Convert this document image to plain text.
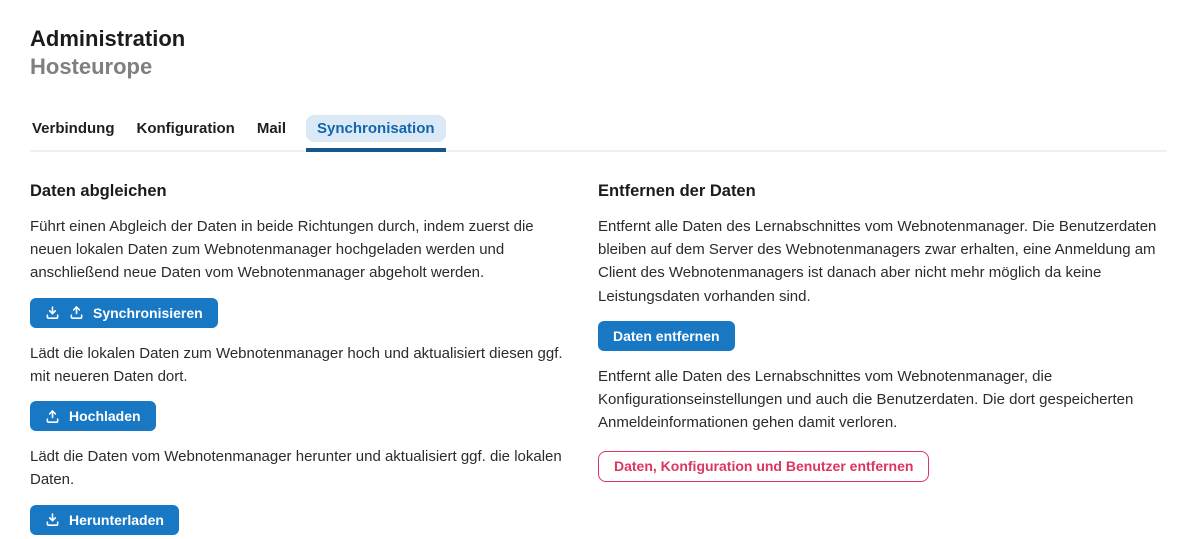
Administration
Hosteurope
Verbindung Konfiguration Mail	Synchronisation
Daten abgleichen

Führt einen Abgleich der Daten in beide Richtungen durch, indem zuerst die neuen lokalen Daten zum Webnotenmanager hochgeladen werden und anschließend neue Daten vom Webnotenmanager abgeholt werden.

Synchronisieren

Lädt die lokalen Daten zum Webnotenmanager hoch und aktualisiert diesen ggf. mit neueren Daten dort.

Hochladen

Lädt die Daten vom Webnotenmanager herunter und aktualisiert ggf. die lokalen Daten.

Herunterladen
Entfernen der Daten

Entfernt alle Daten des Lernabschnittes vom Webnotenmanager. Die Benutzerdaten bleiben auf dem Server des Webnotenmanagers zwar erhalten, eine Anmeldung am Client des Webnotenmanagers ist danach aber nicht mehr möglich da keine Leistungsdaten vorhanden sind.

Daten entfernen

Entfernt alle Daten des Lernabschnittes vom Webnotenmanager, die Konfigurationseinstellungen und auch die Benutzerdaten. Die dort gespeicherten Anmeldeinformationen gehen damit verloren.

Daten, Konfiguration und Benutzer entfernen
